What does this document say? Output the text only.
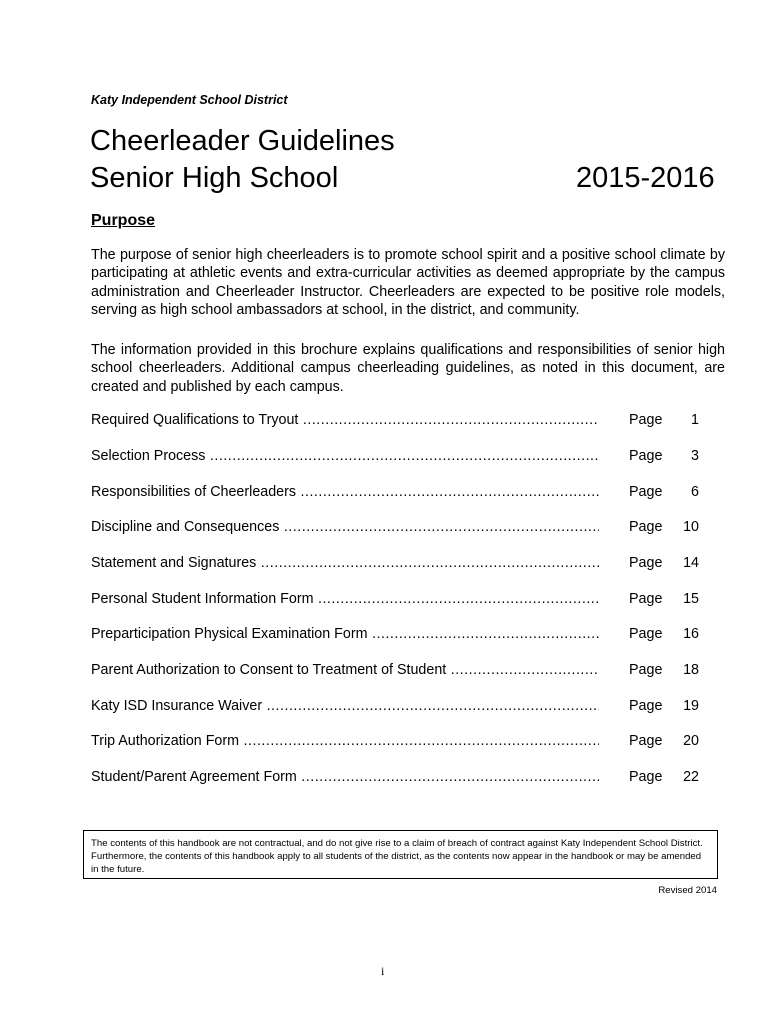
Katy Independent School District
Cheerleader Guidelines
Senior High School	2015-2016
Purpose

The purpose of senior high cheerleaders is to promote school spirit and a positive school climate by participating at athletic events and extra-curricular activities as deemed appropriate by the campus administration and Cheerleader Instructor. Cheerleaders are expected to be positive role models, serving as high school ambassadors at school, in the district, and community.

The information provided in this brochure explains qualifications and responsibilities of senior high school cheerleaders. Additional campus cheerleading guidelines, as noted in this document, are created and published by each campus.

Required Qualifications to Tryout .....	Page 1
Selection Process .....	Page 3
Responsibilities of Cheerleaders .....	Page 6
Discipline and Consequences .....	Page 10
Statement and Signatures .....	Page 14
Personal Student Information Form .....	Page 15
Preparticipation Physical Examination Form .....	Page 16
Parent Authorization to Consent to Treatment of Student .....	Page 18
Katy ISD Insurance Waiver .....	Page 19
Trip Authorization Form .....	Page 20
Student/Parent Agreement Form .....	Page 22
The contents of this handbook are not contractual, and do not give rise to a claim of breach of contract against Katy Independent School District. Furthermore, the contents of this handbook apply to all students of the district, as the contents now appear in the handbook or may be amended in the future.
Revised 2014
i
